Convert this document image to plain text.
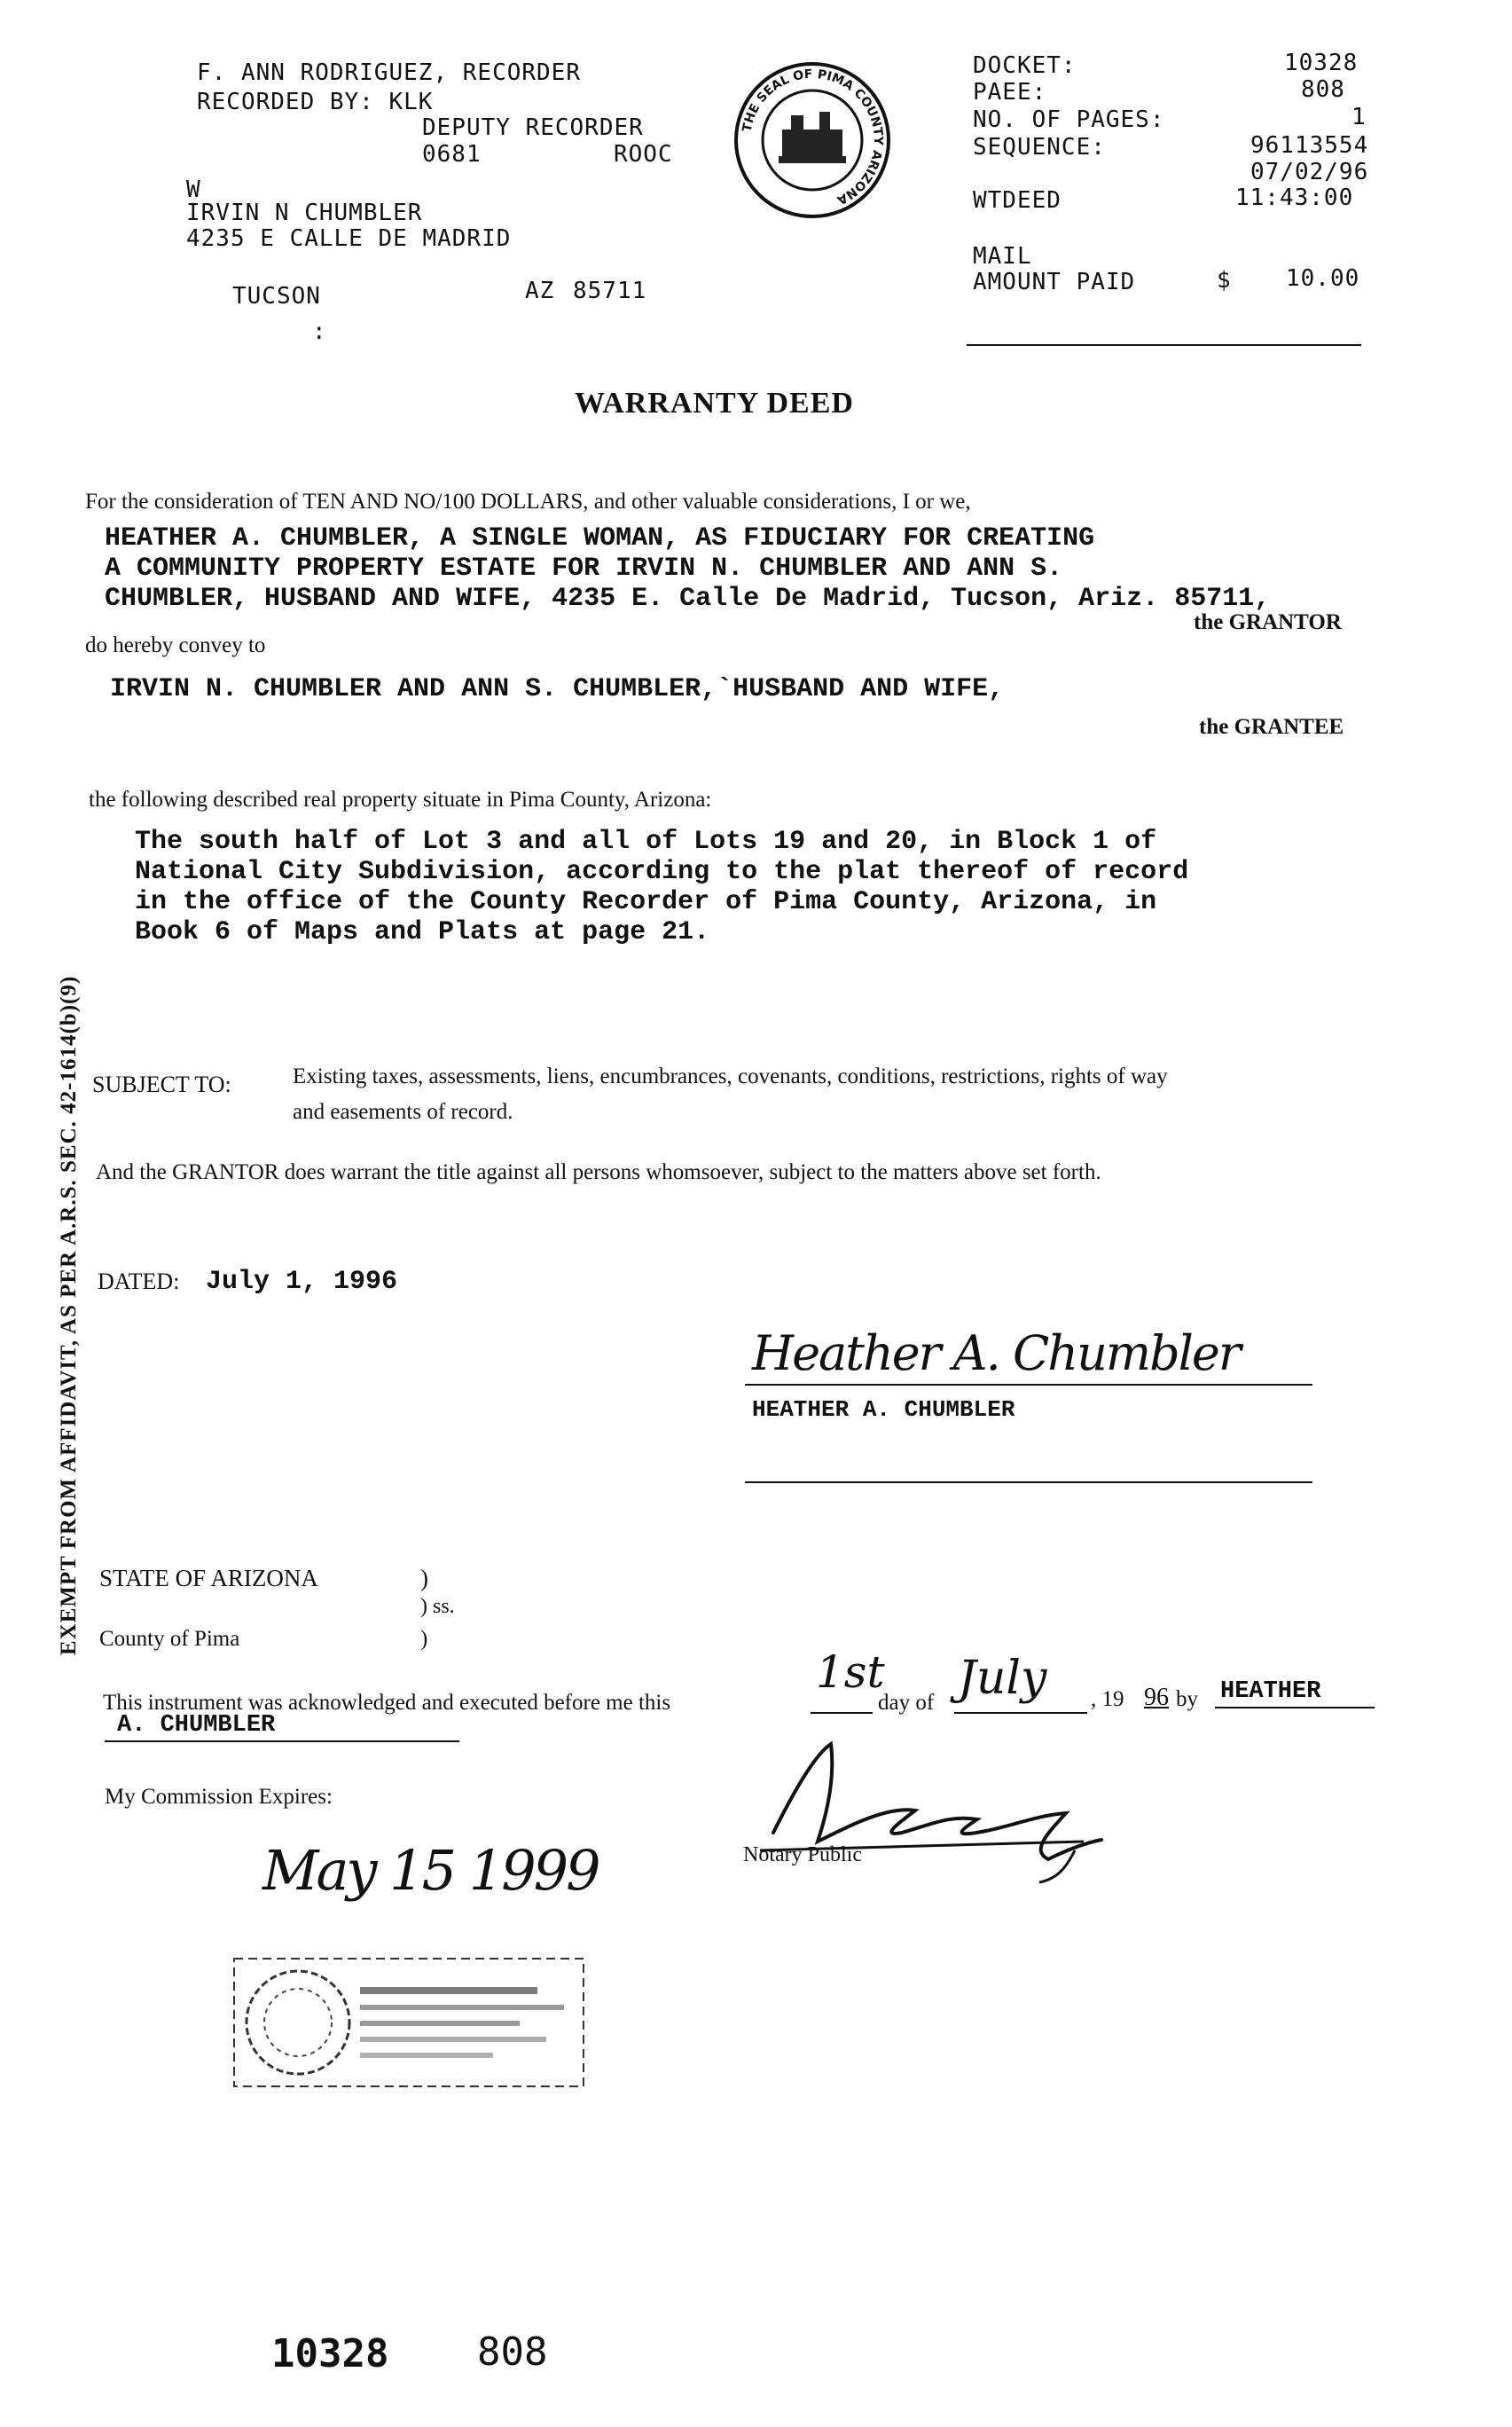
F. ANN RODRIGUEZ, RECORDER
RECORDED BY: KLK
DEPUTY RECORDER
0681	ROOC
W
IRVIN N CHUMBLER
4235 E CALLE DE MADRID
TUCSON	AZ 85711
:
THE SEAL OF PIMA COUNTY ARIZONA
DOCKET:	10328
PAEE:	808
NO. OF PAGES:	1
SEQUENCE:	96113554
07/02/96
WTDEED	11:43:00
MAIL
AMOUNT PAID	$ 10.00
WARRANTY DEED
For the consideration of TEN AND NO/100 DOLLARS, and other valuable considerations, I or we,
HEATHER A. CHUMBLER, A SINGLE WOMAN, AS FIDUCIARY FOR CREATING
A COMMUNITY PROPERTY ESTATE FOR IRVIN N. CHUMBLER AND ANN S.
CHUMBLER, HUSBAND AND WIFE, 4235 E. Calle De Madrid, Tucson, Ariz. 85711,
the GRANTOR
do hereby convey to
IRVIN N. CHUMBLER AND ANN S. CHUMBLER,`HUSBAND AND WIFE,
the GRANTEE
the following described real property situate in Pima County, Arizona:
The south half of Lot 3 and all of Lots 19 and 20, in Block 1 of
National City Subdivision, according to the plat thereof of record
in the office of the County Recorder of Pima County, Arizona, in
Book 6 of Maps and Plats at page 21.
SUBJECT TO:	Existing taxes, assessments, liens, encumbrances, covenants, conditions, restrictions, rights of way
and easements of record.
And the GRANTOR does warrant the title against all persons whomsoever, subject to the matters above set forth.
DATED: July 1, 1996
Heather A. Chumbler
HEATHER A. CHUMBLER
EXEMPT FROM AFFIDAVIT, AS PER A.R.S. SEC. 42-1614(b)(9) STATE OF ARIZONA	)
) ss.
County of Pima	)
This instrument was acknowledged and executed before me this
1st
day of July , 19 96 by HEATHER
A. CHUMBLER
My Commission Expires:
May 15 1999	Notary Public
10328 808
